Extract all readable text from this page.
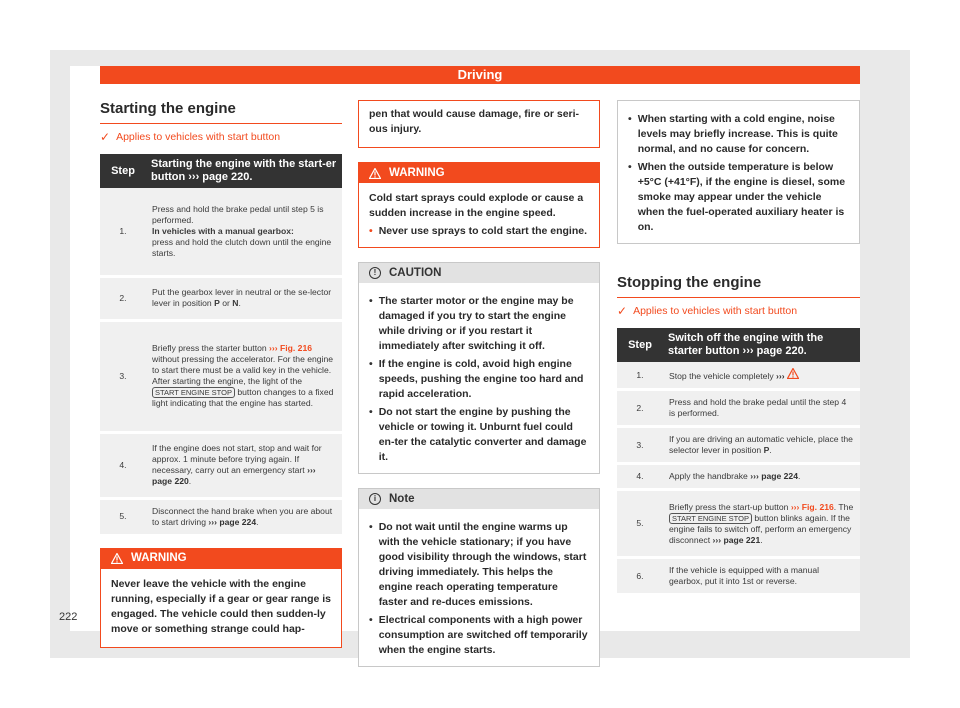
Driving
Starting the engine
✓ Applies to vehicles with start button
Step	Starting the engine with the start-er button ››› page 220.
1.	Press and hold the brake pedal until step 5 is performed.
In vehicles with a manual gearbox:
press and hold the clutch down until the engine starts.
2.	Put the gearbox lever in neutral or the se-lector lever in position P or N.
3.	Briefly press the starter button ››› Fig. 216 without pressing the accelerator. For the engine to start there must be a valid key in the vehicle.
After starting the engine, the light of the START ENGINE STOP button changes to a fixed light indicating that the engine has started.
4.	If the engine does not start, stop and wait for approx. 1 minute before trying again. If necessary, carry out an emergency start ››› page 220.
5.	Disconnect the hand brake when you are about to start driving ››› page 224.
WARNING

Never leave the vehicle with the engine running, especially if a gear or gear range is engaged. The vehicle could then sudden-ly move or something strange could hap-

pen that would cause damage, fire or seri-ous injury.

WARNING

Cold start sprays could explode or cause a sudden increase in the engine speed.

• Never use sprays to cold start the engine.
!	CAUTION
• The starter motor or the engine may be damaged if you try to start the engine while driving or if you restart it immediately after switching it off.
• If the engine is cold, avoid high engine speeds, pushing the engine too hard and rapid acceleration.
• Do not start the engine by pushing the vehicle or towing it. Unburnt fuel could en-ter the catalytic converter and damage it.
i	Note
• Do not wait until the engine warms up with the vehicle stationary; if you have good visibility through the windows, start driving immediately. This helps the engine reach operating temperature faster and re-duces emissions.
• Electrical components with a high power consumption are switched off temporarily when the engine starts.
• When starting with a cold engine, noise levels may briefly increase. This is quite normal, and no cause for concern.
• When the outside temperature is below +5°C (+41°F), if the engine is diesel, some smoke may appear under the vehicle when the fuel-operated auxiliary heater is on.
Stopping the engine
✓ Applies to vehicles with start button
Step	Switch off the engine with the starter button ››› page 220.
1.	Stop the vehicle completely ›››
2.	Press and hold the brake pedal until the step 4 is performed.
3.	If you are driving an automatic vehicle, place the selector lever in position P.
4.	Apply the handbrake ››› page 224.
5.	Briefly press the start-up button ››› Fig. 216. The START ENGINE STOP button blinks again. If the engine fails to switch off, perform an emergency disconnect ››› page 221.
6.	If the vehicle is equipped with a manual gearbox, put it into 1st or reverse.
222
